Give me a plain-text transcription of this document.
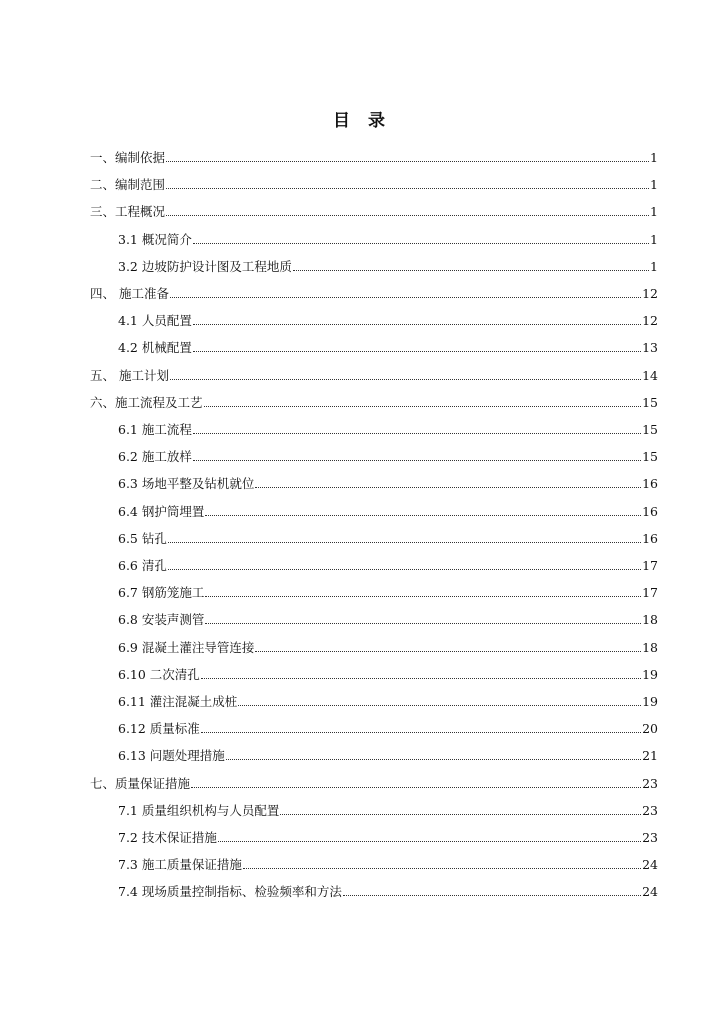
目 录
一、编制依据	1
二、编制范围	1
三、工程概况	1
3.1 概况简介	1
3.2 边坡防护设计图及工程地质	1
四、 施工准备	12
4.1 人员配置	12
4.2 机械配置	13
五、 施工计划	14
六、施工流程及工艺	15
6.1 施工流程	15
6.2 施工放样	15
6.3 场地平整及钻机就位	16
6.4 钢护筒埋置	16
6.5 钻孔	16
6.6 清孔	17
6.7 钢筋笼施工	17
6.8 安装声测管	18
6.9 混凝土灌注导管连接	18
6.10 二次清孔	19
6.11 灌注混凝土成桩	19
6.12 质量标准	20
6.13 问题处理措施	21
七、质量保证措施	23
7.1 质量组织机构与人员配置	23
7.2 技术保证措施	23
7.3 施工质量保证措施	24
7.4 现场质量控制指标、检验频率和方法	24
